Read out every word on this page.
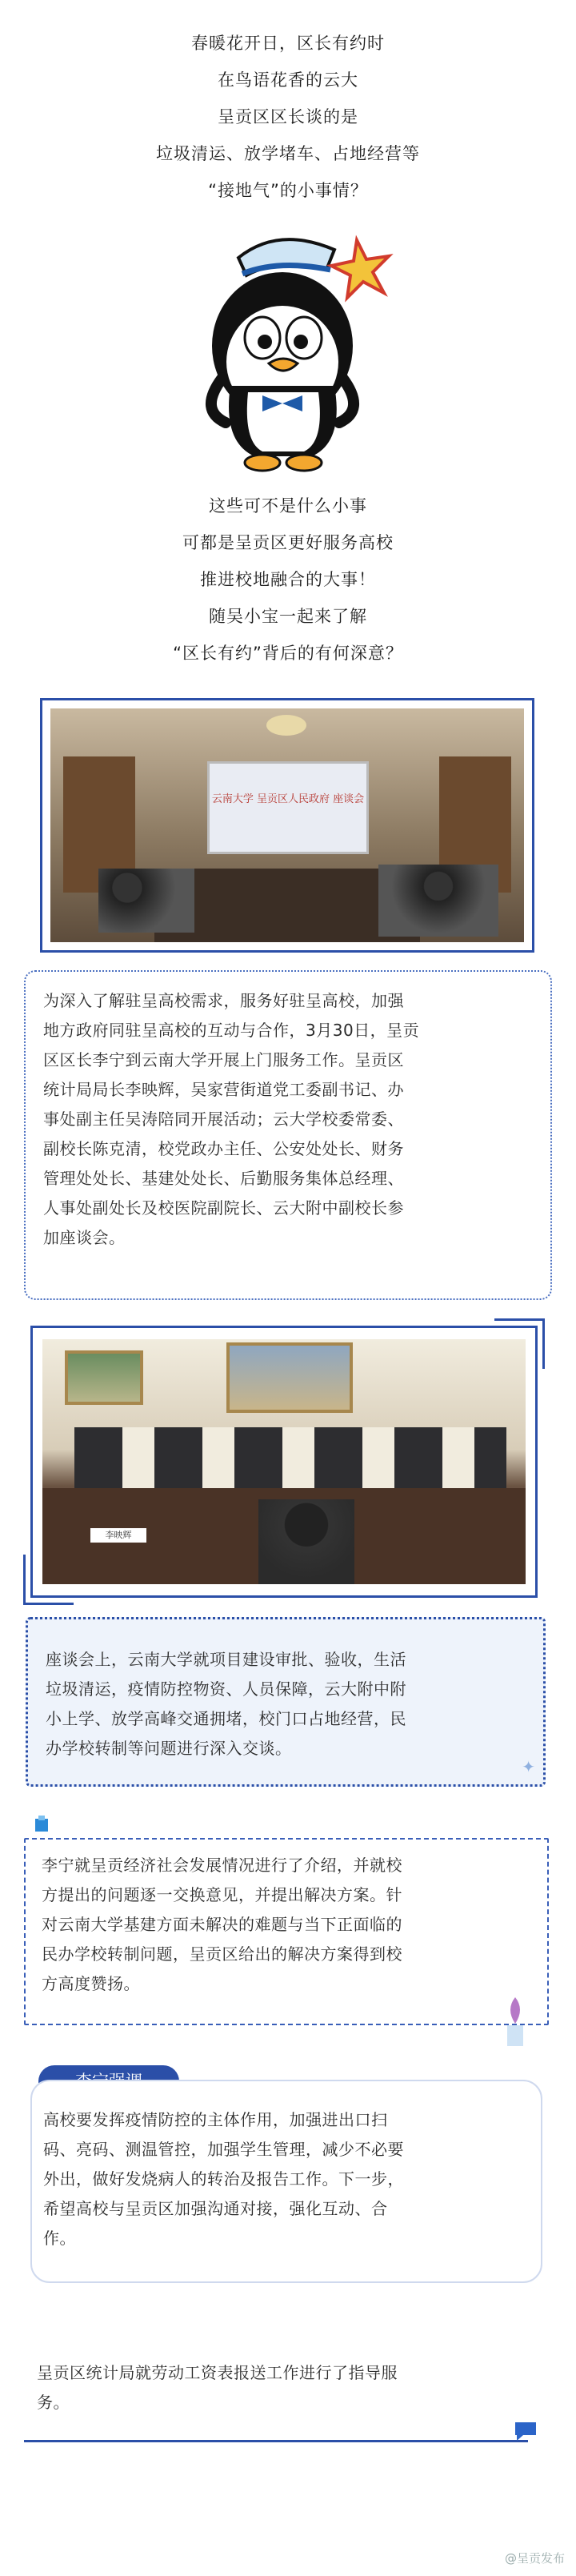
春暖花开日，区长有约时
在鸟语花香的云大
呈贡区区长谈的是
垃圾清运、放学堵车、占地经营等
“接地气”的小事情？
这些可不是什么小事
可都是呈贡区更好服务高校
推进校地融合的大事！
随吴小宝一起来了解
“区长有约”背后的有何深意？
云南大学 呈贡区人民政府 座谈会
为深入了解驻呈高校需求，服务好驻呈高校，加强
地方政府同驻呈高校的互动与合作，3月30日，呈贡
区区长李宁到云南大学开展上门服务工作。呈贡区
统计局局长李映辉，吴家营街道党工委副书记、办
事处副主任吴涛陪同开展活动；云大学校委常委、
副校长陈克清，校党政办主任、公安处处长、财务
管理处处长、基建处处长、后勤服务集体总经理、
人事处副处长及校医院副院长、云大附中副校长参
加座谈会。
李映辉
座谈会上，云南大学就项目建设审批、验收，生活
垃圾清运，疫情防控物资、人员保障，云大附中附
小上学、放学高峰交通拥堵，校门口占地经营，民
办学校转制等问题进行深入交谈。
✦
李宁就呈贡经济社会发展情况进行了介绍，并就校
方提出的问题逐一交换意见，并提出解决方案。针
对云南大学基建方面未解决的难题与当下正面临的
民办学校转制问题，呈贡区给出的解决方案得到校
方高度赞扬。
高校要发挥疫情防控的主体作用，加强进出口扫
码、亮码、测温管控，加强学生管理，减少不必要
外出，做好发烧病人的转治及报告工作。下一步，
希望高校与呈贡区加强沟通对接，强化互动、合
作。
呈贡区统计局就劳动工资表报送工作进行了指导服
务。
@呈贡发布
